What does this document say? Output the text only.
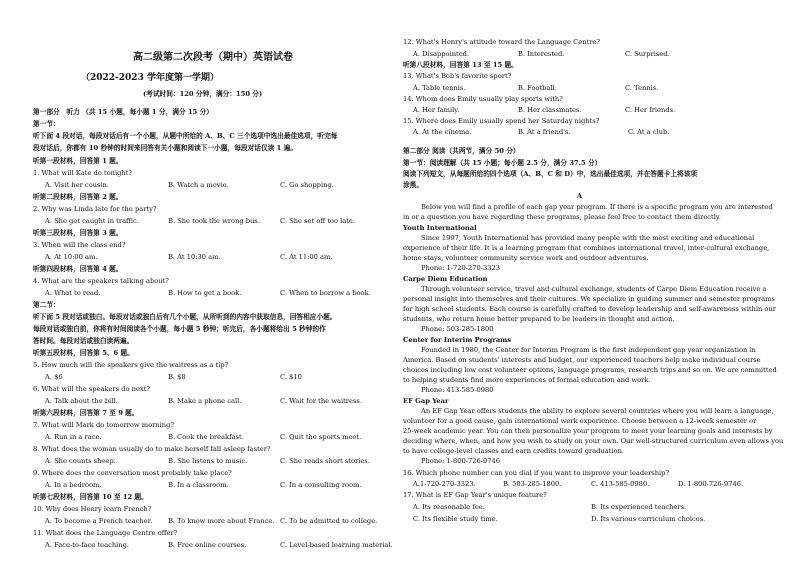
高二级第二次段考（期中）英语试卷
（2022-2023 学年度第一学期）
(考试时间：120 分钟，满分：150 分)
第一部分　听力 （共 15 小题，每小题 1 分，满分 15 分）
第一节：
听下面 4 段对话，每段对话后有一个小题，从题中所给的 A、B、C 三个选项中选出最佳选项，听完每
段对话后，你都有 10 秒钟的时间来回答有关小题和阅读下一小题，每段对话仅读 1 遍。
听第一段材料，回答第 1 题。
1. What will Kate do tonight?
A. Visit her cousin.	B. Watch a movie.	C. Go shopping.
听第二段材料，回答第 2 题。
2. Why was Linda late for the party?
A. She got caught in traffic.	B. She took the wrong bus.	C. She set off too late.
听第三段材料，回答第 3 题。
3. When will the class end?
A. At 10:00 am.	B. At 10:30 am.	C. At 11:00 am.
听第四段材料，回答第 4 题。
4. What are the speakers talking about?
A. What to read.	B. How to get a book.	C. When to borrow a book.
第二节：
听下面 5 段对话或独白。每段对话或独白后有几个小题，从所听到的内容中获取信息，回答相应小题。
每段对话或独白前，你将有时间阅读各个小题，每小题 5 秒钟；听完后，各小题将给出 5 秒钟的作
答时间。每段对话或独白读两遍。
听第五段材料，回答第 5、6 题。
5. How much will the speakers give the waitress as a tip?
A. $6	B. $8	C. $10
6. What will the speakers do next?
A. Talk about the bill.	B. Make a phone call.	C. Wait for the waitress.
听第六段材料，回答第 7 至 9 题。
7. What will Mark do tomorrow morning?
A. Run in a race.	B. Cook the breakfast.	C. Quit the sports meet.
8. What does the woman usually do to make herself fall asleep faster?
A. She counts sheep.	B. She listens to music.	C. She reads short stories.
9. Where does the conversation most probably take place?
A. In a bedroom.	B. In a classroom.	C. In a consulting room.
听第七段材料，回答第 10 至 12 题。
10. Why does Henry learn French?
A. To become a French teacher. B. To know more about France. C. To be admitted to college.
11. What does the Language Centre offer?
A. Face-to-face teaching.	B. Free online courses.	C. Level-based learning material.
12. What's Henry's attitude toward the Language Centre?
A. Disappointed.	B. Interested.	C. Surprised.
听第八段材料，回答第 13 至 15 题。
13. What's Bob's favorite sport?
A. Table tennis.	B. Football.	C. Tennis.
14. Whom does Emily usually play sports with?
A. Her family.	B. Her classmates.	C. Her friends.
15. Where does Emily usually spend her Saturday nights?
A. At the cinema.	B. At a friend's.	C. At a club.
第二部分 阅读（共两节，满分 50 分）
第一节：阅读理解（共 15 小题；每小题 2.5 分，满分 37.5 分）
阅读下列短文，从每题所给的四个选项（A、B、C 和 D）中，选出最佳选项，并在答题卡上将该项
涂黑。
A
Below you will find a profile of each gap year program. If there is a specific program you are interested
in or a question you have regarding these programs, please feel free to contact them directly.
Youth International
Since 1997, Youth International has provided many people with the most exciting and educational
experience of their life. It is a learning program that combines international travel, inter-cultural exchange,
home stays, volunteer community service work and outdoor adventures.
Phone: 1-720-270-3323
Carpe Diem Education
Through volunteer service, travel and cultural exchange, students of Carpe Diem Education receive a
personal insight into themselves and their cultures. We specialize in guiding summer and semester programs
for high school students. Each course is carefully crafted to develop leadership and self-awareness within our
students, who return home better prepared to be leaders in thought and action.
Phone: 503-285-1800
Center for Interim Programs
Founded in 1980, the Center for Interim Program is the first independent gap year organization in
America. Based on students' interests and budget, our experienced teachers help make individual course
choices including low cost volunteer options, language programs, research trips and so on. We are committed
to helping students find more experiences of formal education and work.
Phone: 413-585-0980
EF Gap Year
An EF Gap Year offers students the ability to explore several countries where you will learn a language,
volunteer for a good cause, gain international work experience. Choose between a 12-week semester or
25-week academic year. You can then personalize your program to meet your learning goals and interests by
deciding where, when, and how you wish to study on your own. Our well-structured curriculum even allows you
to have college-level classes and earn credits toward graduation.
Phone: 1-800-726-9746
16. Which phone number can you dial if you want to improve your leadership?
A.1-720-270-3323.	B. 503-285-1800.	C. 413-585-0980.	D. 1-800-726-9746.
17. What is EF Gap Year's unique feature?
A. Its reasonable fee.	B. Its experienced teachers.
C. Its flexible study time.	D. Its various curriculum choices.
